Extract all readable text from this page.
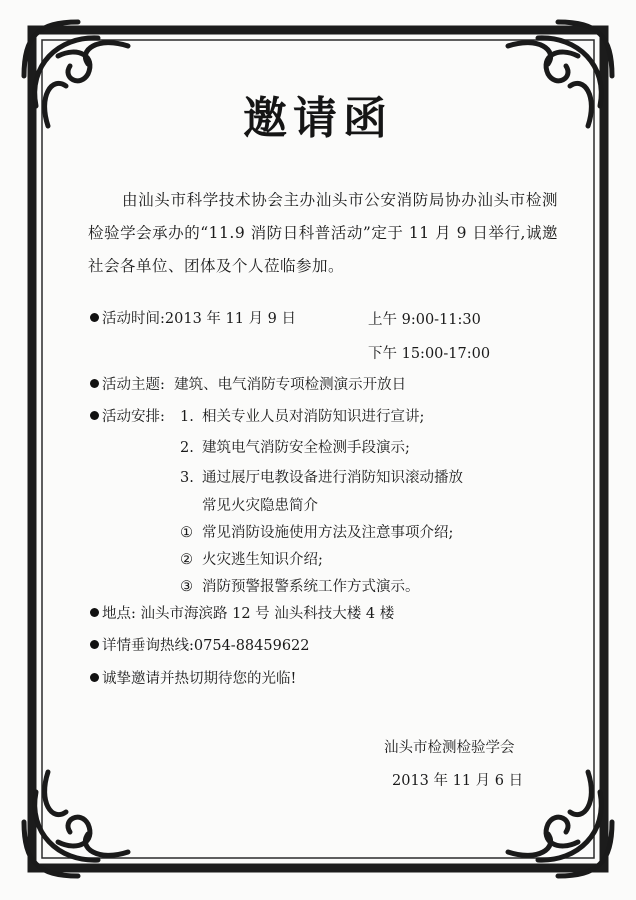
邀请函
由汕头市科学技术协会主办汕头市公安消防局协办汕头市检测检验学会承办的“11.9 消防日科普活动”定于 11 月 9 日举行,诚邀社会各单位、团体及个人莅临参加。
活动时间:2013 年 11 月 9 日	上午 9:00-11:30
下午 15:00-17:00
活动主题: 建筑、电气消防专项检测演示开放日
活动安排: 1. 相关专业人员对消防知识进行宣讲;
2. 建筑电气消防安全检测手段演示;
3. 通过展厅电教设备进行消防知识滚动播放
常见火灾隐患简介
① 常见消防设施使用方法及注意事项介绍;
② 火灾逃生知识介绍;
③ 消防预警报警系统工作方式演示。
地点: 汕头市海滨路 12 号 汕头科技大楼 4 楼
详情垂询热线:0754-88459622
诚挚邀请并热切期待您的光临!
汕头市检测检验学会
2013 年 11 月 6 日
